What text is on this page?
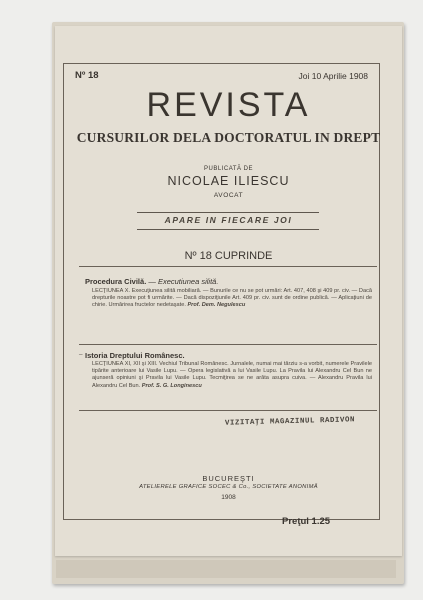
Nº 18	Joi 10 Aprilie 1908
REVISTA
CURSURILOR DELA DOCTORATUL IN DREPT
PUBLICATĂ DE
NICOLAE ILIESCU
AVOCAT
APARE IN FIECARE JOI
Nº 18 CUPRINDE
Procedura Civilă. — Executiunea silită.
LECŢIUNEA X. Execuţiunea silită mobiliară. — Bunurile ce nu se pot urmări: Art. 407, 408 şi 409 pr. civ. — Dacă drepturile noastre pot fi urmărite. — Dacă dispoziţiunile Art. 409 pr. civ. sunt de ordine publică. — Aplicaţiuni de chirie. Urmărirea fructelor nedetaşate. Prof. Dem. Negulescu
– Istoria Dreptului Românesc.
LECŢIUNEA XI, XII şi XIII. Vechiul Tribunal Românesc. Jurnalele, numai mai târziu s-a vorbit, numerele Pravilele tipărite anterioare lui Vasile Lupu. — Opera legislativă a lui Vasile Lupu. La Pravila lui Alexandru Cel Bun ne ajunseră opiniuni şi Pravila lui Vasile Lupu. Tecmiţirea se ne arăta asupra cuiva. — Alexandru Pravila lui Alexandru Cel Bun. Prof. S. G. Longinescu
VIZITAŢI MAGAZINUL RADIVON
BUCUREŞTI
ATELIERELE GRAFICE SOCEC & Co., SOCIETATE ANONIMĂ
1908
Preţul 1.25
